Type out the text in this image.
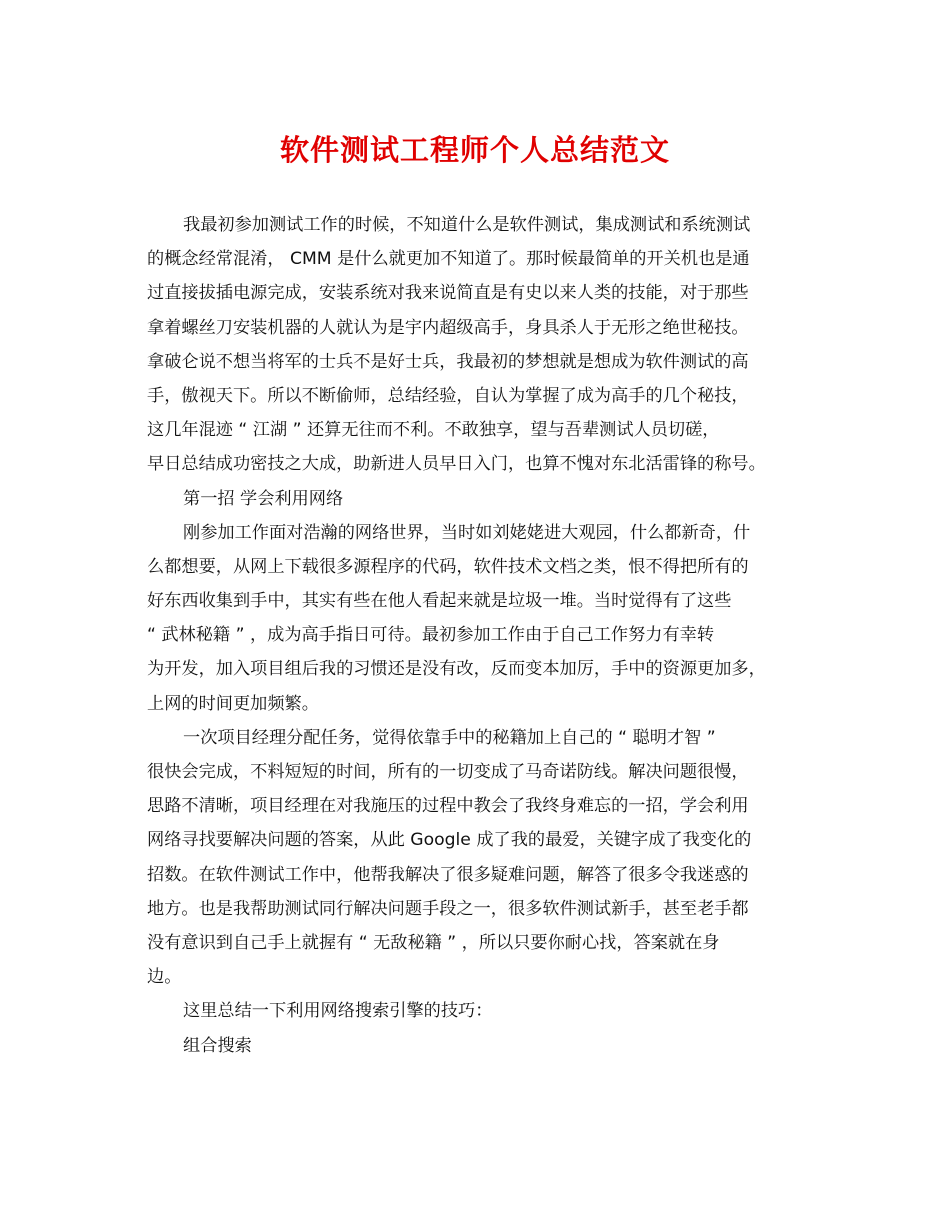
软件测试工程师个人总结范文
我最初参加测试工作的时候，不知道什么是软件测试，集成测试和系统测试
的概念经常混淆， CMM 是什么就更加不知道了。那时候最简单的开关机也是通
过直接拔插电源完成，安装系统对我来说简直是有史以来人类的技能，对于那些
拿着螺丝刀安装机器的人就认为是宇内超级高手，身具杀人于无形之绝世秘技。
拿破仑说不想当将军的士兵不是好士兵，我最初的梦想就是想成为软件测试的高
手，傲视天下。所以不断偷师，总结经验，自认为掌握了成为高手的几个秘技，
这几年混迹 “ 江湖 ” 还算无往而不利。不敢独享，望与吾辈测试人员切磋，
早日总结成功密技之大成，助新进人员早日入门，也算不愧对东北活雷锋的称号。
第一招 学会利用网络
刚参加工作面对浩瀚的网络世界，当时如刘姥姥进大观园，什么都新奇，什
么都想要，从网上下载很多源程序的代码，软件技术文档之类，恨不得把所有的
好东西收集到手中，其实有些在他人看起来就是垃圾一堆。当时觉得有了这些
“ 武林秘籍 ” ，成为高手指日可待。最初参加工作由于自己工作努力有幸转
为开发，加入项目组后我的习惯还是没有改，反而变本加厉，手中的资源更加多，
上网的时间更加频繁。
一次项目经理分配任务，觉得依靠手中的秘籍加上自己的 “ 聪明才智 ”
很快会完成，不料短短的时间，所有的一切变成了马奇诺防线。解决问题很慢，
思路不清晰，项目经理在对我施压的过程中教会了我终身难忘的一招，学会利用
网络寻找要解决问题的答案，从此 Google 成了我的最爱，关键字成了我变化的
招数。在软件测试工作中，他帮我解决了很多疑难问题，解答了很多令我迷惑的
地方。也是我帮助测试同行解决问题手段之一，很多软件测试新手，甚至老手都
没有意识到自己手上就握有 “ 无敌秘籍 ” ，所以只要你耐心找，答案就在身
边。
这里总结一下利用网络搜索引擎的技巧：
组合搜索
